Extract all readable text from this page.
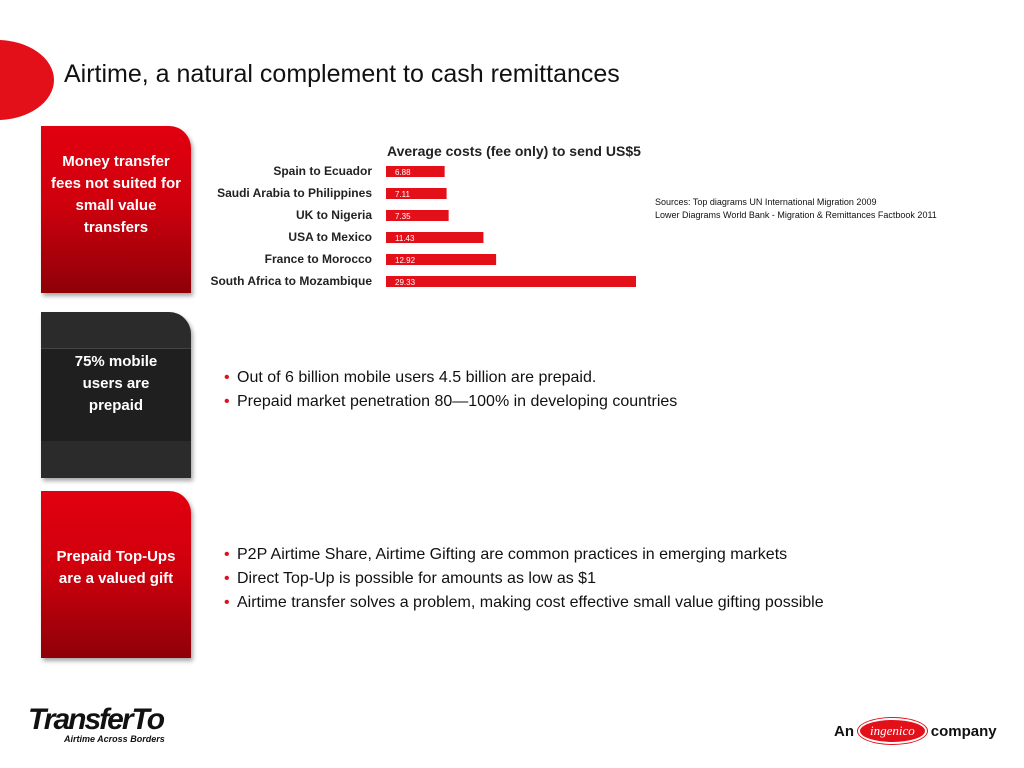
Airtime, a natural complement to cash remittances
Money transfer fees not suited for small value transfers
75% mobile users are prepaid
Prepaid Top-Ups are a valued gift
Average costs (fee only) to send US$5
Spain to Ecuador	6.88
Saudi Arabia to Philippines	7.11
UK to Nigeria	7.35
USA to Mexico	11.43
France to Morocco	12.92
South Africa to Mozambique	29.33
Sources: Top diagrams UN International Migration 2009
Lower Diagrams World Bank - Migration & Remittances Factbook 2011
• Out of 6 billion mobile users 4.5 billion are prepaid.
• Prepaid market penetration 80—100% in developing countries
• P2P Airtime Share, Airtime Gifting are common practices in emerging markets
• Direct Top-Up is possible for amounts as low as $1
• Airtime transfer solves a problem, making cost effective small value gifting possible
TransferTo
Airtime Across Borders	An	ingenico	company
